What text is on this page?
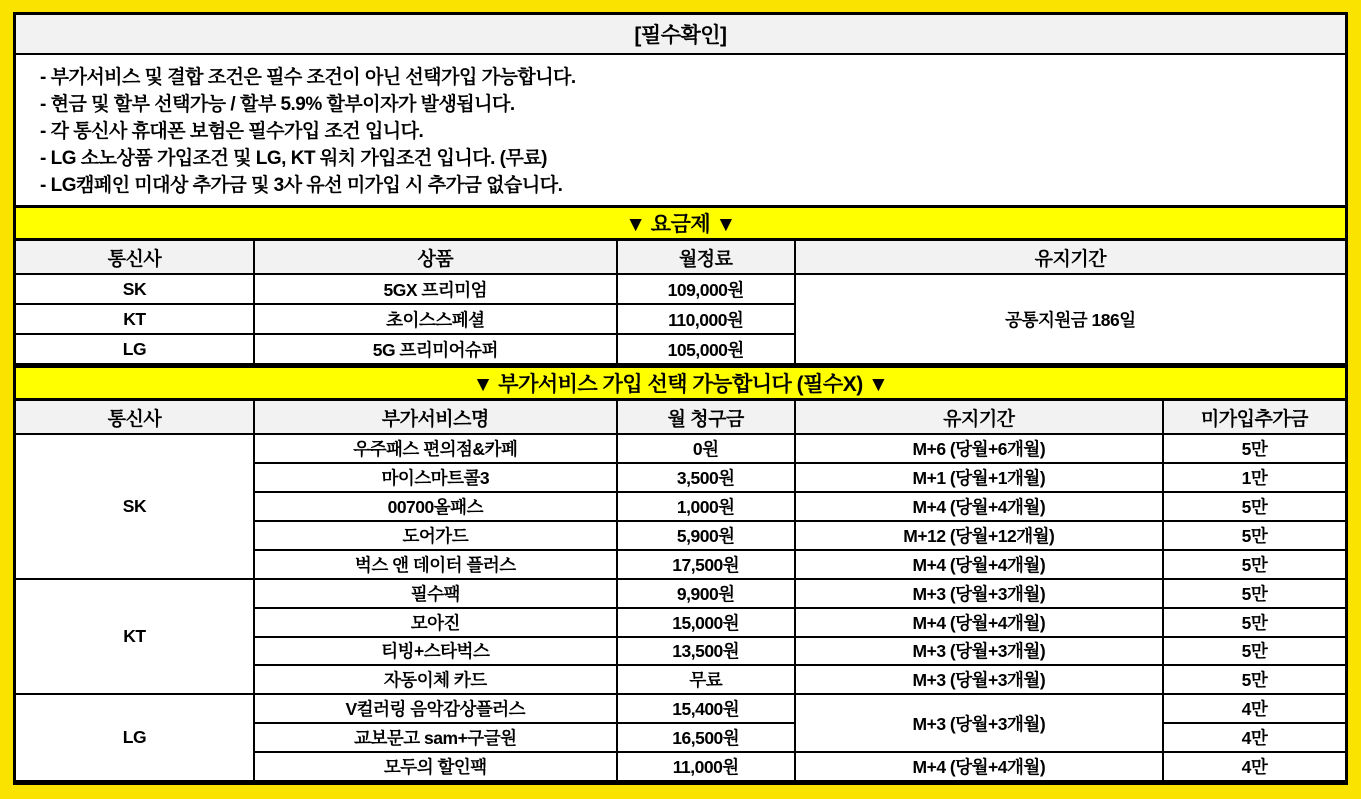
[필수확인]
- 부가서비스 및 결합 조건은 필수 조건이 아닌 선택가입 가능합니다.
- 현금 및 할부 선택가능 / 할부 5.9% 할부이자가 발생됩니다.
- 각 통신사 휴대폰 보험은 필수가입 조건 입니다.
- LG 소노상품 가입조건 및 LG, KT 워치 가입조건 입니다. (무료)
- LG캠페인 미대상 추가금 및 3사 유선 미가입 시 추가금 없습니다.
▼ 요금제 ▼
통신사	상품	월정료	유지기간
SK	5GX 프리미엄	109,000원	공통지원금 186일
KT	초이스스페셜	110,000원	
LG	5G 프리미어슈퍼	105,000원	
▼ 부가서비스 가입 선택 가능합니다 (필수X) ▼
통신사	부가서비스명	월 청구금	유지기간	미가입추가금
SK	우주패스 편의점&카페	0원	M+6 (당월+6개월)	5만
	마이스마트콜3	3,500원	M+1 (당월+1개월)	1만
	00700올패스	1,000원	M+4 (당월+4개월)	5만
	도어가드	5,900원	M+12 (당월+12개월)	5만
	벅스 앤 데이터 플러스	17,500원	M+4 (당월+4개월)	5만
KT	필수팩	9,900원	M+3 (당월+3개월)	5만
	모아진	15,000원	M+4 (당월+4개월)	5만
	티빙+스타벅스	13,500원	M+3 (당월+3개월)	5만
	자동이체 카드	무료	M+3 (당월+3개월)	5만
LG	V컬러링 음악감상플러스	15,400원	M+3 (당월+3개월)	4만
	교보문고 sam+구글원	16,500원		4만
	모두의 할인팩	11,000원	M+4 (당월+4개월)	4만
